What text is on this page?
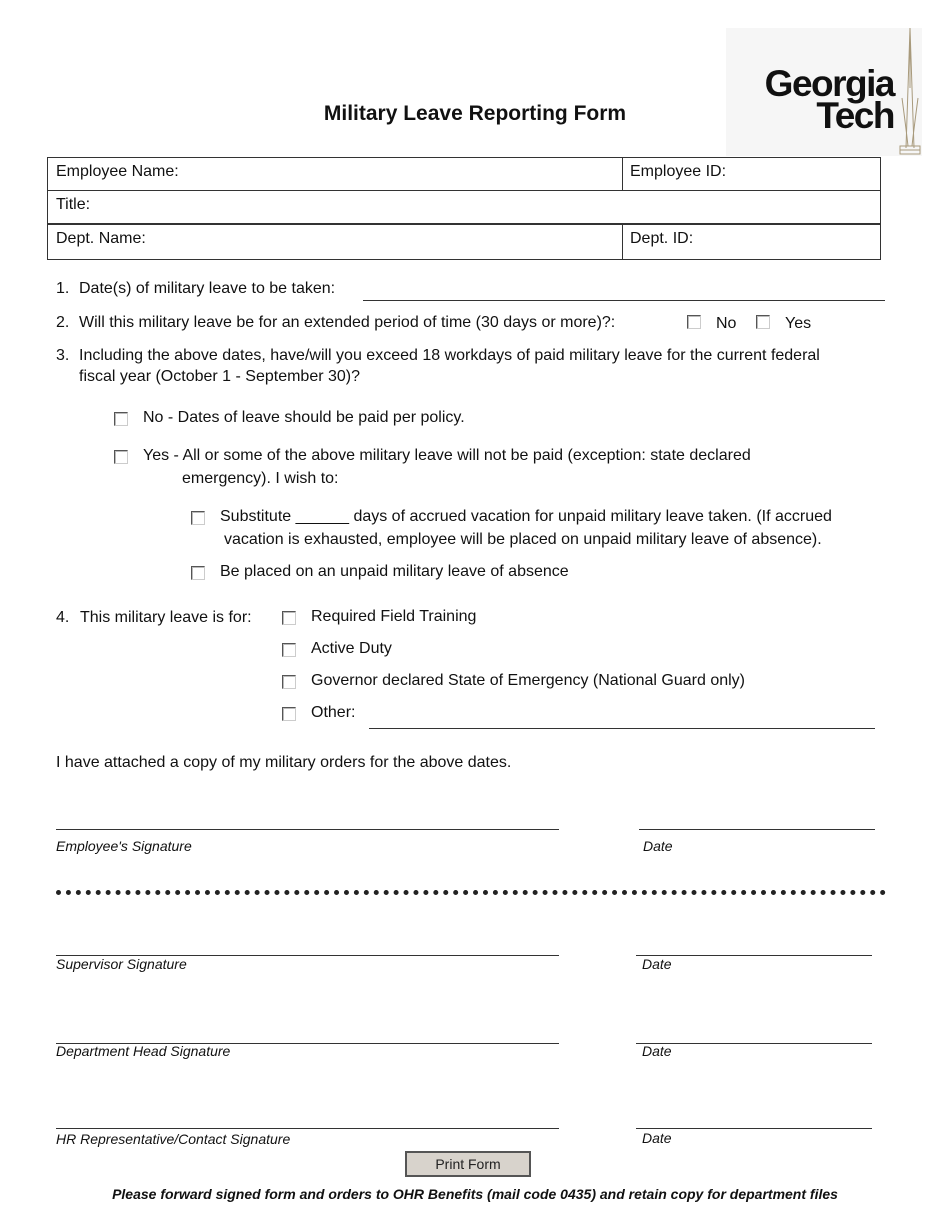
Military Leave Reporting Form
Georgia
Tech
Employee Name:	Employee ID:
Title:
Dept. Name:	Dept. ID:
1. Date(s) of military leave to be taken:
2. Will this military leave be for an extended period of time (30 days or more)?:	No	Yes
3. Including the above dates, have/will you exceed 18 workdays of paid military leave for the current federal
fiscal year (October 1 - September 30)?
No - Dates of leave should be paid per policy.
Yes - All or some of the above military leave will not be paid (exception: state declared
emergency). I wish to:
Substitute ______ days of accrued vacation for unpaid military leave taken. (If accrued
vacation is exhausted, employee will be placed on unpaid military leave of absence).
Be placed on an unpaid military leave of absence
4. This military leave is for:	Required Field Training
Active Duty
Governor declared State of Emergency (National Guard only)
Other:
I have attached a copy of my military orders for the above dates.
Employee's Signature	Date
Supervisor Signature	Date
Department Head Signature	Date
HR Representative/Contact Signature	Date
Print Form
Please forward signed form and orders to OHR Benefits (mail code 0435) and retain copy for department files
